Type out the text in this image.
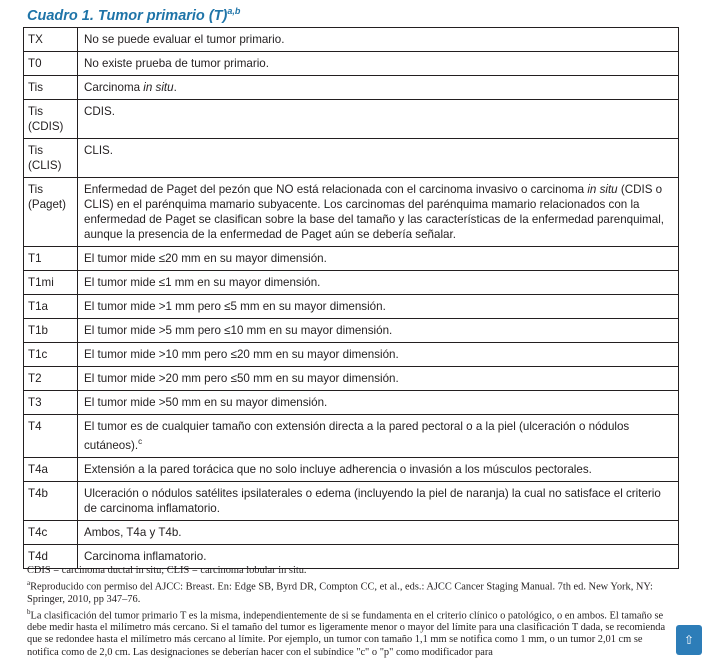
Cuadro 1. Tumor primario $(T)^{a,b}$
TX	No se puede evaluar el tumor primario.
T0	No existe prueba de tumor primario.
Tis	Carcinoma in situ.
Tis (CDIS)	CDIS.
Tis (CLIS)	CLIS.
Tis (Paget)	Enfermedad de Paget del pezón que NO está relacionada con el carcinoma invasivo o carcinoma in situ (CDIS o CLIS) en el parénquima mamario subyacente. Los carcinomas del parénquima mamario relacionados con la enfermedad de Paget se clasifican sobre la base del tamaño y las características de la enfermedad parenquimal, aunque la presencia de la enfermedad de Paget aún se debería señalar.
T1	El tumor mide ≤20 mm en su mayor dimensión.
T1mi	El tumor mide ≤1 mm en su mayor dimensión.
T1a	El tumor mide >1 mm pero ≤5 mm en su mayor dimensión.
T1b	El tumor mide >5 mm pero ≤10 mm en su mayor dimensión.
T1c	El tumor mide >10 mm pero ≤20 mm en su mayor dimensión.
T2	El tumor mide >20 mm pero ≤50 mm en su mayor dimensión.
T3	El tumor mide >50 mm en su mayor dimensión.
T4	El tumor es de cualquier tamaño con extensión directa a la pared pectoral o a la piel (ulceración o nódulos cutáneos).$^c$
T4a	Extensión a la pared torácica que no solo incluye adherencia o invasión a los músculos pectorales.
T4b	Ulceración o nódulos satélites ipsilaterales o edema (incluyendo la piel de naranja) la cual no satisface el criterio de carcinoma inflamatorio.
T4c	Ambos, T4a y T4b.
T4d	Carcinoma inflamatorio.

CDIS = carcinoma ductal in situ; CLIS = carcinoma lobular in situ.

$^a$Reproducido con permiso del AJCC: Breast. En: Edge SB, Byrd DR, Compton CC, et al., eds.: AJCC Cancer Staging Manual. 7th ed. New York, NY: Springer, 2010, pp 347–76.

$^b$La clasificación del tumor primario T es la misma, independientemente de si se fundamenta en el criterio clínico o patológico, o en ambos. El tamaño se debe medir hasta el milímetro más cercano. Si el tamaño del tumor es ligeramente menor o mayor del límite para una clasificación T dada, se recomienda que se redondee hasta el milímetro más cercano al límite. Por ejemplo, un tumor con tamaño 1,1 mm se notifica como 1 mm, o un tumor 2,01 cm se notifica como de 2,0 cm. Las designaciones se deberían hacer con el subíndice "c" o "p" como modificador para

⇧
